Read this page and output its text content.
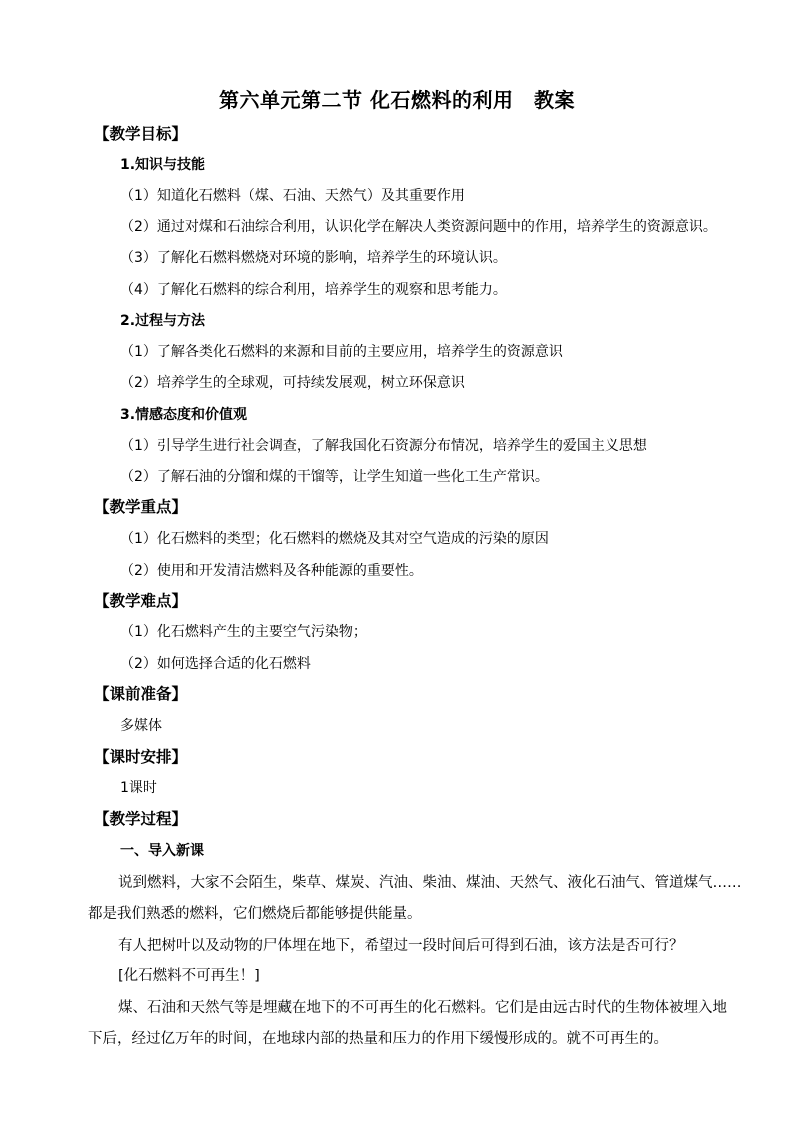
第六单元第二节 化石燃料的利用　教案
【教学目标】
1.知识与技能
（1）知道化石燃料（煤、石油、天然气）及其重要作用
（2）通过对煤和石油综合利用，认识化学在解决人类资源问题中的作用，培养学生的资源意识。
（3）了解化石燃料燃烧对环境的影响，培养学生的环境认识。
（4）了解化石燃料的综合利用，培养学生的观察和思考能力。
2.过程与方法
（1）了解各类化石燃料的来源和目前的主要应用，培养学生的资源意识
（2）培养学生的全球观，可持续发展观，树立环保意识
3.情感态度和价值观
（1）引导学生进行社会调查，了解我国化石资源分布情况，培养学生的爱国主义思想
（2）了解石油的分馏和煤的干馏等，让学生知道一些化工生产常识。
【教学重点】
（1）化石燃料的类型；化石燃料的燃烧及其对空气造成的污染的原因
（2）使用和开发清洁燃料及各种能源的重要性。
【教学难点】
（1）化石燃料产生的主要空气污染物；
（2）如何选择合适的化石燃料
【课前准备】
多媒体
【课时安排】
1课时
【教学过程】
一、导入新课
说到燃料，大家不会陌生，柴草、煤炭、汽油、柴油、煤油、天然气、液化石油气、管道煤气……
都是我们熟悉的燃料，它们燃烧后都能够提供能量。
有人把树叶以及动物的尸体埋在地下，希望过一段时间后可得到石油，该方法是否可行？
[化石燃料不可再生！]
煤、石油和天然气等是埋藏在地下的不可再生的化石燃料。它们是由远古时代的生物体被埋入地
下后，经过亿万年的时间，在地球内部的热量和压力的作用下缓慢形成的。就不可再生的。
